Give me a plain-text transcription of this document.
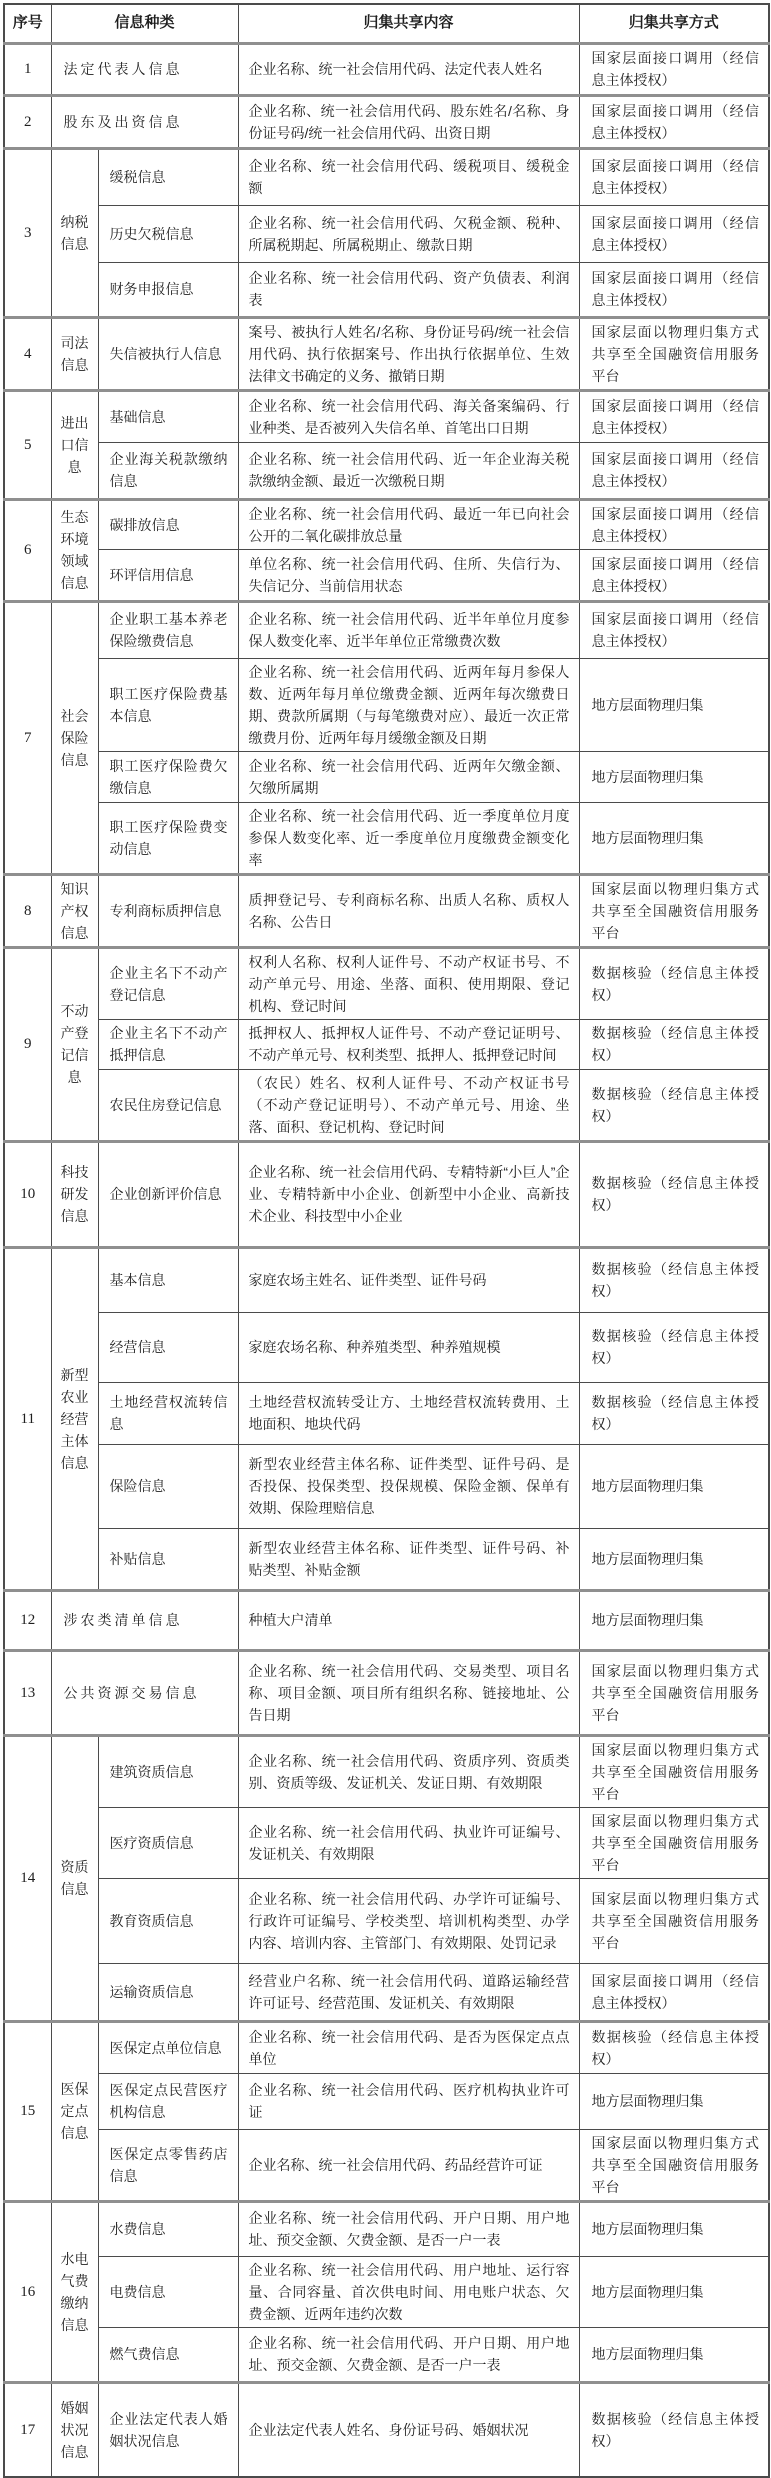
序号	信息种类		归集共享内容	归集共享方式
1	法定代表人信息		企业名称、统一社会信用代码、法定代表人姓名	国家层面接口调用（经信息主体授权）
2	股东及出资信息		企业名称、统一社会信用代码、股东姓名/名称、身份证号码/统一社会信用代码、出资日期	国家层面接口调用（经信息主体授权）
3	纳税信息	缓税信息	企业名称、统一社会信用代码、缓税项目、缓税金额	国家层面接口调用（经信息主体授权）
		历史欠税信息	企业名称、统一社会信用代码、欠税金额、税种、所属税期起、所属税期止、缴款日期	国家层面接口调用（经信息主体授权）
		财务申报信息	企业名称、统一社会信用代码、资产负债表、利润表	国家层面接口调用（经信息主体授权）
4	司法信息	失信被执行人信息	案号、被执行人姓名/名称、身份证号码/统一社会信用代码、执行依据案号、作出执行依据单位、生效法律文书确定的义务、撤销日期	国家层面以物理归集方式共享至全国融资信用服务平台
5	进出口信息	基础信息	企业名称、统一社会信用代码、海关备案编码、行业种类、是否被列入失信名单、首笔出口日期	国家层面接口调用（经信息主体授权）
		企业海关税款缴纳信息	企业名称、统一社会信用代码、近一年企业海关税款缴纳金额、最近一次缴税日期	国家层面接口调用（经信息主体授权）
6	生态环境领域信息	碳排放信息	企业名称、统一社会信用代码、最近一年已向社会公开的二氧化碳排放总量	国家层面接口调用（经信息主体授权）
		环评信用信息	单位名称、统一社会信用代码、住所、失信行为、失信记分、当前信用状态	国家层面接口调用（经信息主体授权）
7	社会保险信息	企业职工基本养老保险缴费信息	企业名称、统一社会信用代码、近半年单位月度参保人数变化率、近半年单位正常缴费次数	国家层面接口调用（经信息主体授权）
		职工医疗保险费基本信息	企业名称、统一社会信用代码、近两年每月参保人数、近两年每月单位缴费金额、近两年每次缴费日期、费款所属期（与每笔缴费对应）、最近一次正常缴费月份、近两年每月缓缴金额及日期	地方层面物理归集
		职工医疗保险费欠缴信息	企业名称、统一社会信用代码、近两年欠缴金额、欠缴所属期	地方层面物理归集
		职工医疗保险费变动信息	企业名称、统一社会信用代码、近一季度单位月度参保人数变化率、近一季度单位月度缴费金额变化率	地方层面物理归集
8	知识产权信息	专利商标质押信息	质押登记号、专利商标名称、出质人名称、质权人名称、公告日	国家层面以物理归集方式共享至全国融资信用服务平台
9	不动产登记信息	企业主名下不动产登记信息	权利人名称、权利人证件号、不动产权证书号、不动产单元号、用途、坐落、面积、使用期限、登记机构、登记时间	数据核验（经信息主体授权）
		企业主名下不动产抵押信息	抵押权人、抵押权人证件号、不动产登记证明号、不动产单元号、权利类型、抵押人、抵押登记时间	数据核验（经信息主体授权）
		农民住房登记信息	（农民）姓名、权利人证件号、不动产权证书号（不动产登记证明号）、不动产单元号、用途、坐落、面积、登记机构、登记时间	数据核验（经信息主体授权）
10	科技研发信息	企业创新评价信息	企业名称、统一社会信用代码、专精特新“小巨人”企业、专精特新中小企业、创新型中小企业、高新技术企业、科技型中小企业	数据核验（经信息主体授权）
11	新型农业经营主体信息	基本信息	家庭农场主姓名、证件类型、证件号码	数据核验（经信息主体授权）
		经营信息	家庭农场名称、种养殖类型、种养殖规模	数据核验（经信息主体授权）
		土地经营权流转信息	土地经营权流转受让方、土地经营权流转费用、土地面积、地块代码	数据核验（经信息主体授权）
		保险信息	新型农业经营主体名称、证件类型、证件号码、是否投保、投保类型、投保规模、保险金额、保单有效期、保险理赔信息	地方层面物理归集
		补贴信息	新型农业经营主体名称、证件类型、证件号码、补贴类型、补贴金额	地方层面物理归集
12	涉农类清单信息		种植大户清单	地方层面物理归集
13	公共资源交易信息		企业名称、统一社会信用代码、交易类型、项目名称、项目金额、项目所有组织名称、链接地址、公告日期	国家层面以物理归集方式共享至全国融资信用服务平台
14	资质信息	建筑资质信息	企业名称、统一社会信用代码、资质序列、资质类别、资质等级、发证机关、发证日期、有效期限	国家层面以物理归集方式共享至全国融资信用服务平台
		医疗资质信息	企业名称、统一社会信用代码、执业许可证编号、发证机关、有效期限	国家层面以物理归集方式共享至全国融资信用服务平台
		教育资质信息	企业名称、统一社会信用代码、办学许可证编号、行政许可证编号、学校类型、培训机构类型、办学内容、培训内容、主管部门、有效期限、处罚记录	国家层面以物理归集方式共享至全国融资信用服务平台
		运输资质信息	经营业户名称、统一社会信用代码、道路运输经营许可证号、经营范围、发证机关、有效期限	国家层面接口调用（经信息主体授权）
15	医保定点信息	医保定点单位信息	企业名称、统一社会信用代码、是否为医保定点点单位	数据核验（经信息主体授权）
		医保定点民营医疗机构信息	企业名称、统一社会信用代码、医疗机构执业许可证	地方层面物理归集
		医保定点零售药店信息	企业名称、统一社会信用代码、药品经营许可证	国家层面以物理归集方式共享至全国融资信用服务平台
16	水电气费缴纳信息	水费信息	企业名称、统一社会信用代码、开户日期、用户地址、预交金额、欠费金额、是否一户一表	地方层面物理归集
		电费信息	企业名称、统一社会信用代码、用户地址、运行容量、合同容量、首次供电时间、用电账户状态、欠费金额、近两年违约次数	地方层面物理归集
		燃气费信息	企业名称、统一社会信用代码、开户日期、用户地址、预交金额、欠费金额、是否一户一表	地方层面物理归集
17	婚姻状况信息	企业法定代表人婚姻状况信息	企业法定代表人姓名、身份证号码、婚姻状况	数据核验（经信息主体授权）
